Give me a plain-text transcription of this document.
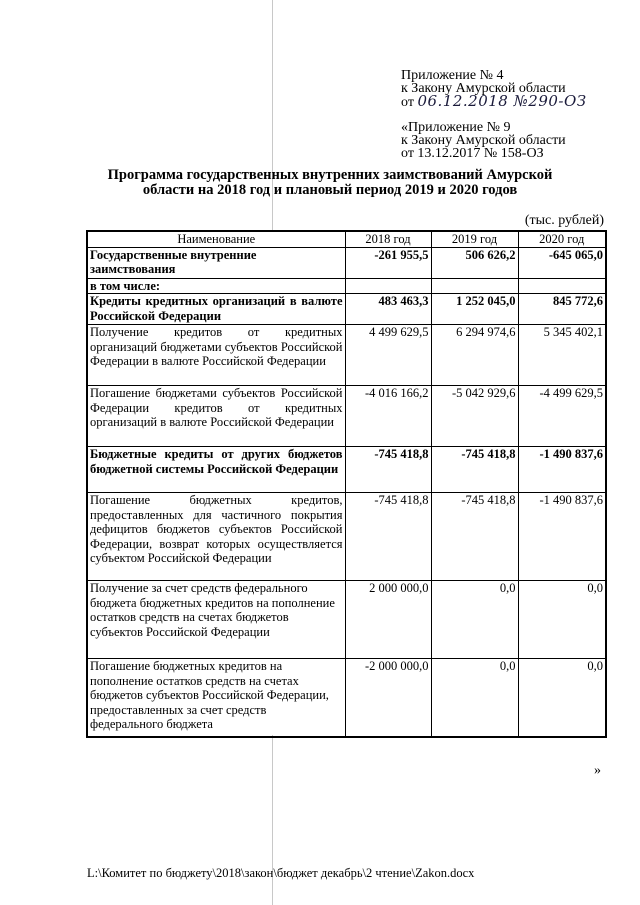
Приложение № 4
к Закону Амурской области
от 06.12.2018 №290-ОЗ
«Приложение № 9
к Закону Амурской области
от 13.12.2017 № 158-ОЗ
Программа государственных внутренних заимствований Амурской области на 2018 год и плановый период 2019 и 2020 годов
(тыс. рублей)
Наименование	2018 год	2019 год	2020 год
Государственные внутренние заимствования	-261 955,5	506 626,2	-645 065,0
в том числе:			
Кредиты кредитных организаций в валюте Российской Федерации	483 463,3	1 252 045,0	845 772,6
Получение кредитов от кредитных организаций бюджетами субъектов Российской Федерации в валюте Российской Федерации	4 499 629,5	6 294 974,6	5 345 402,1
Погашение бюджетами субъектов Российской Федерации кредитов от кредитных организаций в валюте Российской Федерации	-4 016 166,2	-5 042 929,6	-4 499 629,5
Бюджетные кредиты от других бюджетов бюджетной системы Российской Федерации	-745 418,8	-745 418,8	-1 490 837,6
Погашение бюджетных кредитов, предоставленных для частичного покрытия дефицитов бюджетов субъектов Российской Федерации, возврат которых осуществляется субъектом Российской Федерации	-745 418,8	-745 418,8	-1 490 837,6
Получение за счет средств федерального бюджета бюджетных кредитов на пополнение остатков средств на счетах бюджетов субъектов Российской Федерации	2 000 000,0	0,0	0,0
Погашение бюджетных кредитов на пополнение остатков средств на счетах бюджетов субъектов Российской Федерации, предоставленных за счет средств федерального бюджета	-2 000 000,0	0,0	0,0
»
L:\Комитет по бюджету\2018\закон\бюджет декабрь\2 чтение\Zakon.docx
